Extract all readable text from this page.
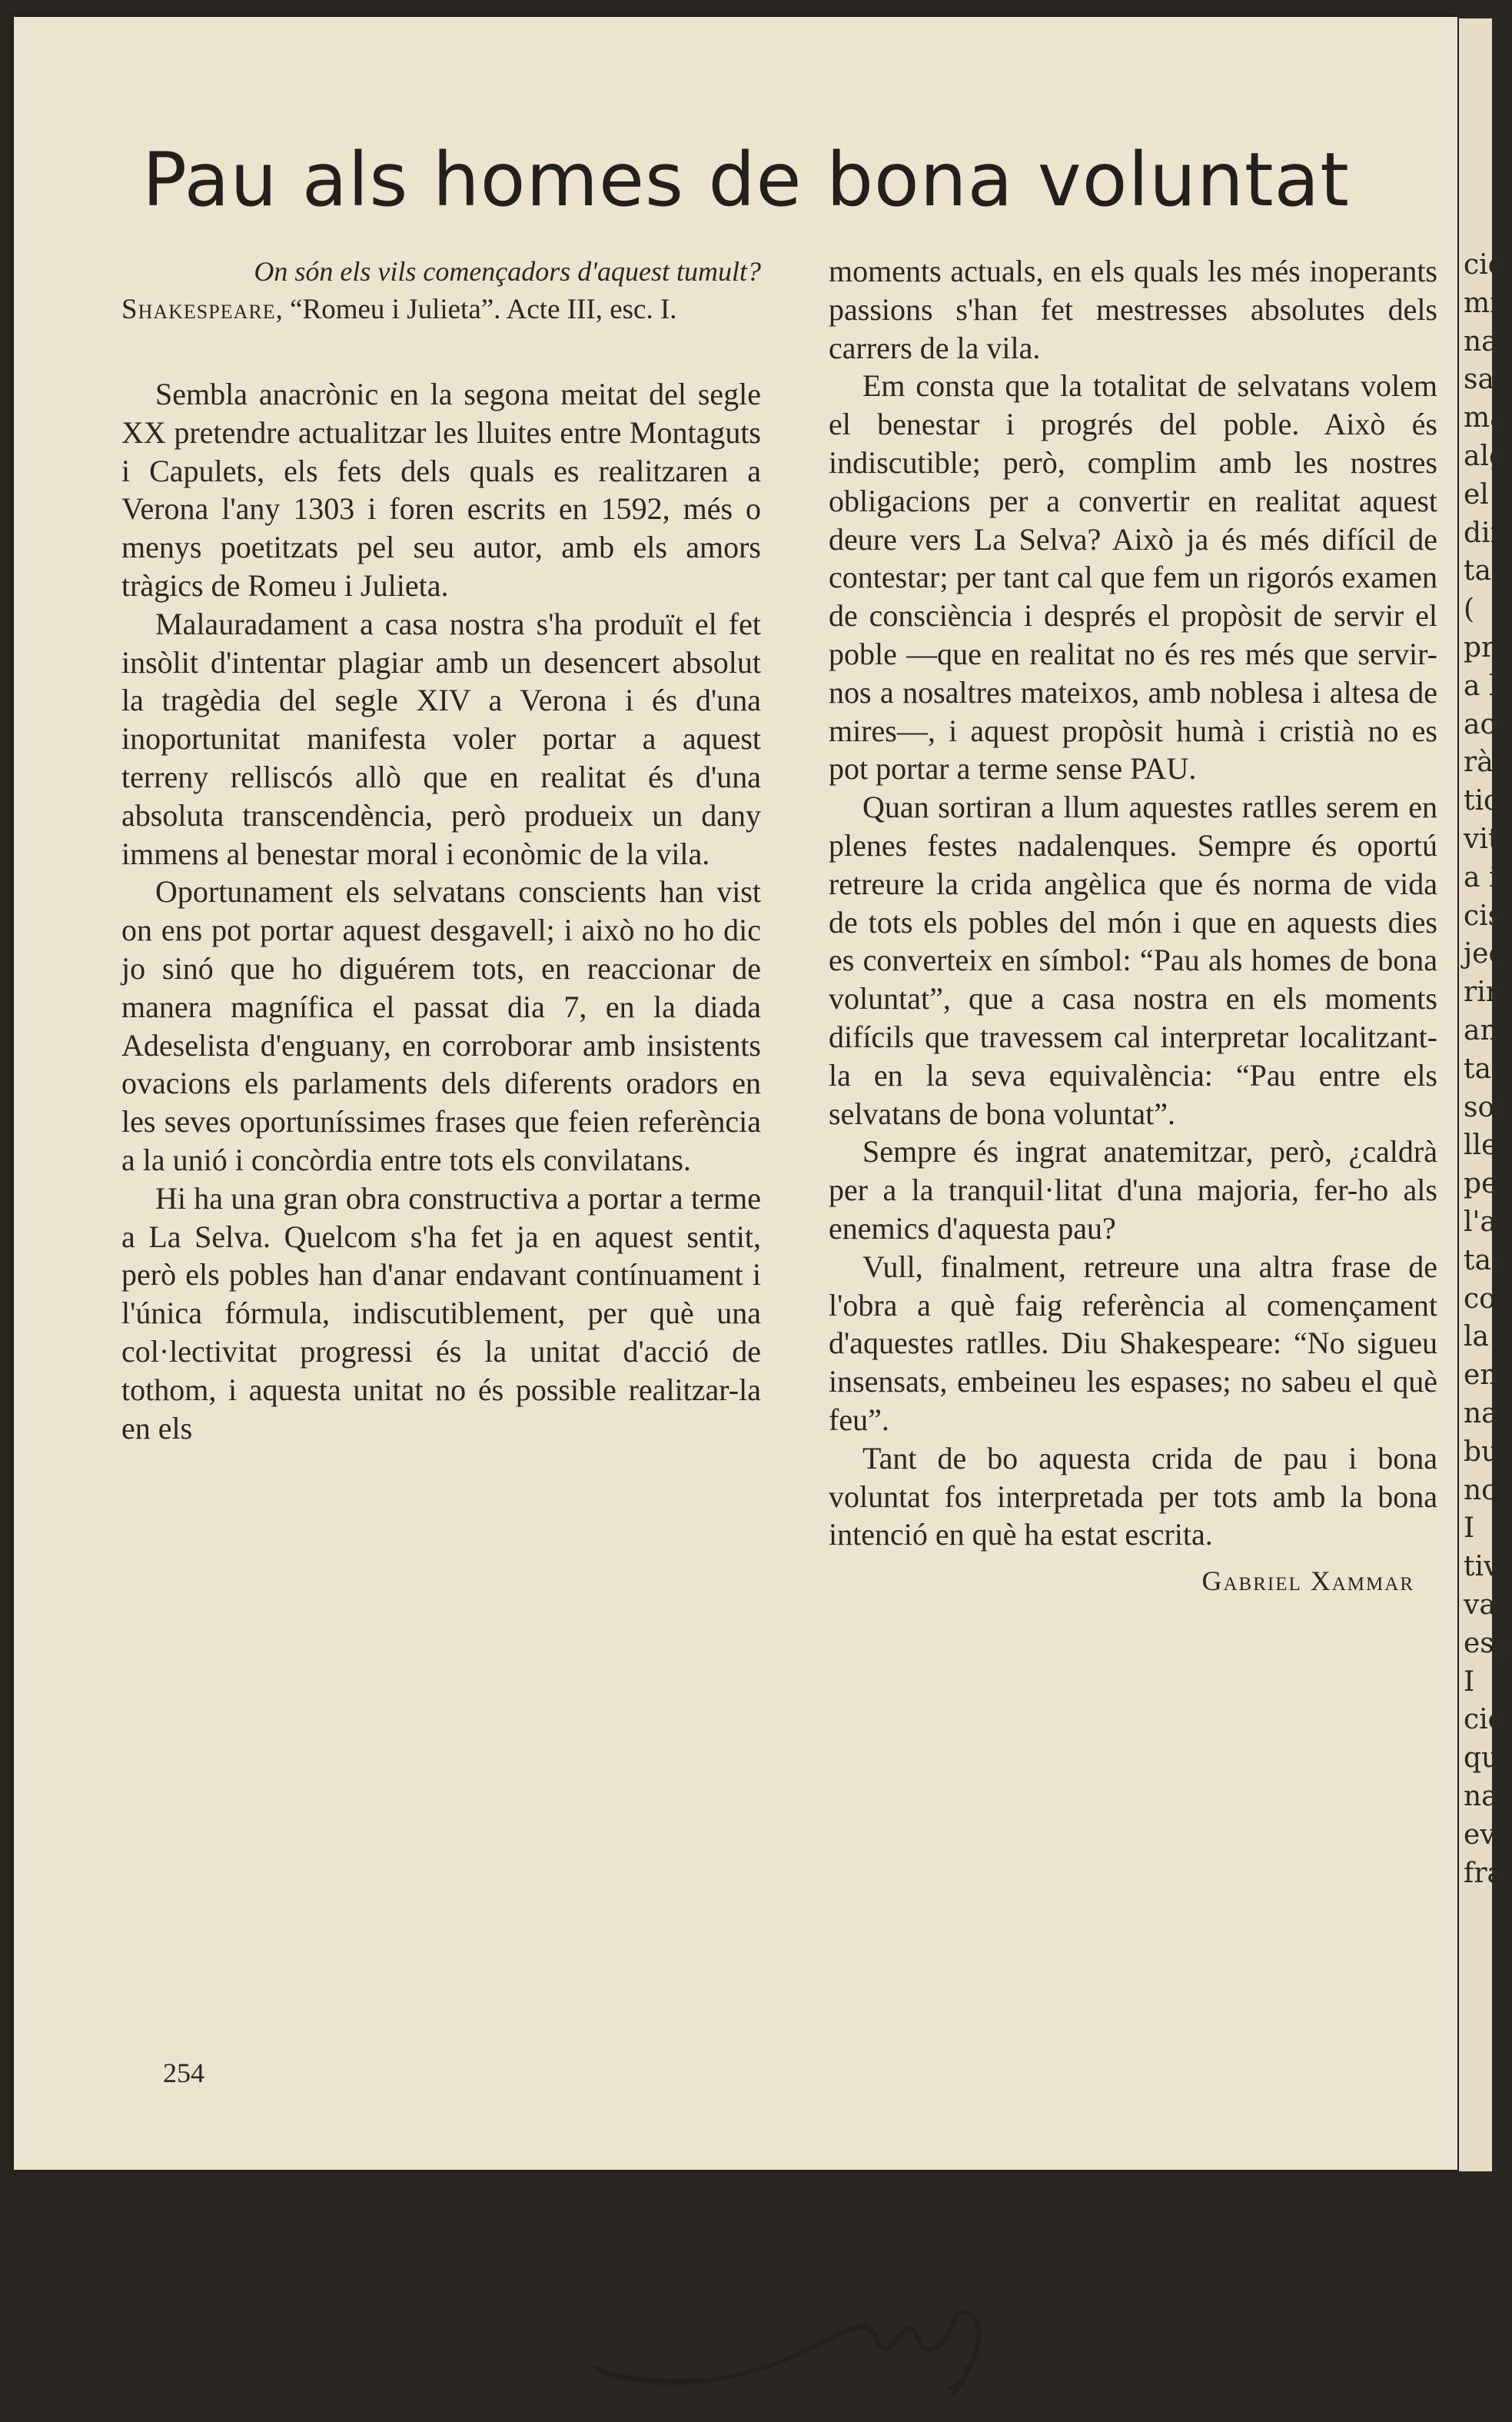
ció
mi
na
sa
ma
alg
el
dir
tat
(
pr
a l
act
rà
tic
vit
a i
cis
jec
rir
an
tal
sol
lle
pe
l'a
tar
cor
la
en
na
bu
no.
I
tiv
va
esp
I
ció
qu
na
evi
fra
Pau als homes de bona voluntat

On són els vils començadors d'aquest tumult?

Shakespeare, “Romeu i Julieta”. Acte III, esc. I.

Sembla anacrònic en la segona meitat del segle XX pretendre actualitzar les lluites entre Montaguts i Capulets, els fets dels quals es realitzaren a Verona l'any 1303 i foren escrits en 1592, més o menys poetitzats pel seu autor, amb els amors tràgics de Romeu i Julieta.

Malauradament a casa nostra s'ha produït el fet insòlit d'intentar plagiar amb un desencert absolut la tragèdia del segle XIV a Verona i és d'una inoportunitat manifesta voler portar a aquest terreny relliscós allò que en realitat és d'una absoluta transcendència, però produeix un dany immens al benestar moral i econòmic de la vila.

Oportunament els selvatans conscients han vist on ens pot portar aquest desgavell; i això no ho dic jo sinó que ho diguérem tots, en reaccionar de manera magnífica el passat dia 7, en la diada Adeselista d'enguany, en corroborar amb insistents ovacions els parlaments dels diferents oradors en les seves oportuníssimes frases que feien referència a la unió i concòrdia entre tots els convilatans.

Hi ha una gran obra constructiva a portar a terme a La Selva. Quelcom s'ha fet ja en aquest sentit, però els pobles han d'anar endavant contínuament i l'única fórmula, indiscutiblement, per què una col·lectivitat progressi és la unitat d'acció de tothom, i aquesta unitat no és possible realitzar-la en els

moments actuals, en els quals les més inoperants passions s'han fet mestresses absolutes dels carrers de la vila.

Em consta que la totalitat de selvatans volem el benestar i progrés del poble. Això és indiscutible; però, complim amb les nostres obligacions per a convertir en realitat aquest deure vers La Selva? Això ja és més difícil de contestar; per tant cal que fem un rigorós examen de consciència i després el propòsit de servir el poble —que en realitat no és res més que servir-nos a nosaltres mateixos, amb noblesa i altesa de mires—, i aquest propòsit humà i cristià no es pot portar a terme sense PAU.

Quan sortiran a llum aquestes ratlles serem en plenes festes nadalenques. Sempre és oportú retreure la crida angèlica que és norma de vida de tots els pobles del món i que en aquests dies es converteix en símbol: “Pau als homes de bona voluntat”, que a casa nostra en els moments difícils que travessem cal interpretar localitzant-la en la seva equivalència: “Pau entre els selvatans de bona voluntat”.

Sempre és ingrat anatemitzar, però, ¿caldrà per a la tranquil·litat d'una majoria, fer-ho als enemics d'aquesta pau?

Vull, finalment, retreure una altra frase de l'obra a què faig referència al començament d'aquestes ratlles. Diu Shakespeare: “No sigueu insensats, embeineu les espases; no sabeu el què feu”.

Tant de bo aquesta crida de pau i bona voluntat fos interpretada per tots amb la bona intenció en què ha estat escrita.

Gabriel Xammar

254
